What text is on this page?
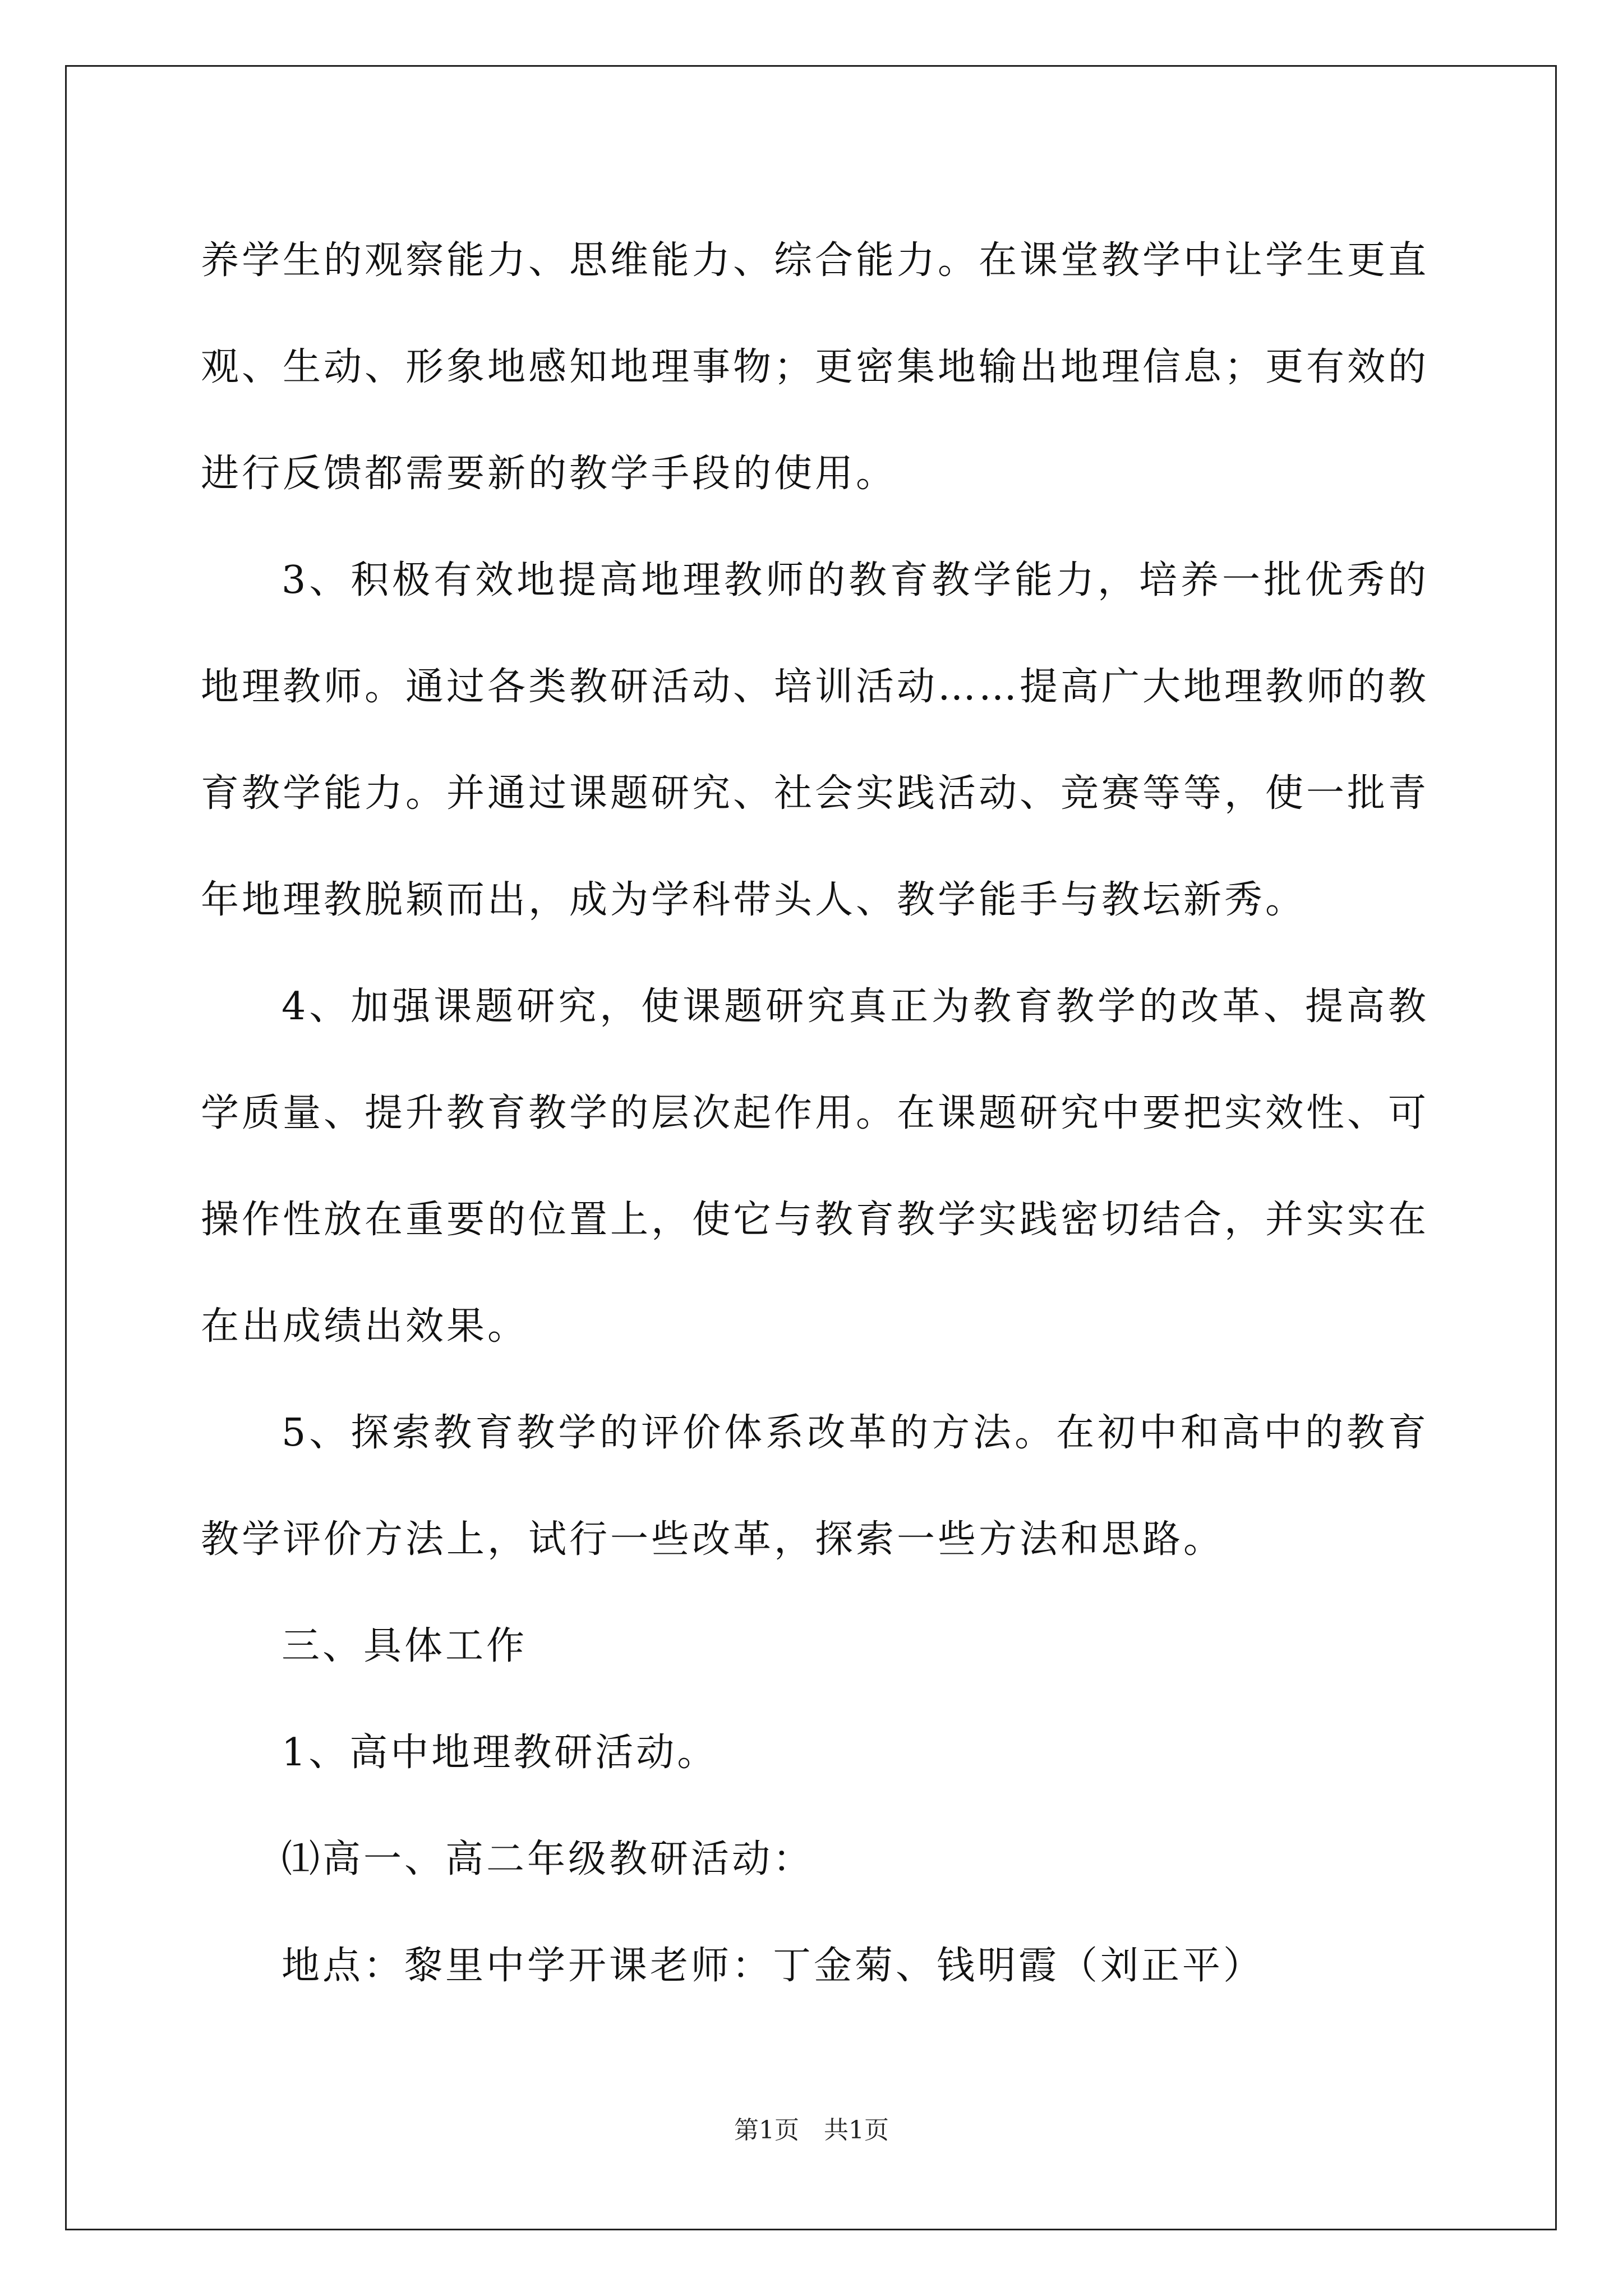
养学生的观察能力、思维能力、综合能力。在课堂教学中让学生更直观、生动、形象地感知地理事物；更密集地输出地理信息；更有效的进行反馈都需要新的教学手段的使用。

3、积极有效地提高地理教师的教育教学能力，培养一批优秀的地理教师。通过各类教研活动、培训活动……提高广大地理教师的教育教学能力。并通过课题研究、社会实践活动、竞赛等等，使一批青年地理教脱颖而出，成为学科带头人、教学能手与教坛新秀。

4、加强课题研究，使课题研究真正为教育教学的改革、提高教学质量、提升教育教学的层次起作用。在课题研究中要把实效性、可操作性放在重要的位置上，使它与教育教学实践密切结合，并实实在在出成绩出效果。

5、探索教育教学的评价体系改革的方法。在初中和高中的教育教学评价方法上，试行一些改革，探索一些方法和思路。

三、具体工作

1、高中地理教研活动。

⑴高一、高二年级教研活动：

地点：黎里中学开课老师：丁金菊、钱明霞（刘正平）

第1页　共1页
